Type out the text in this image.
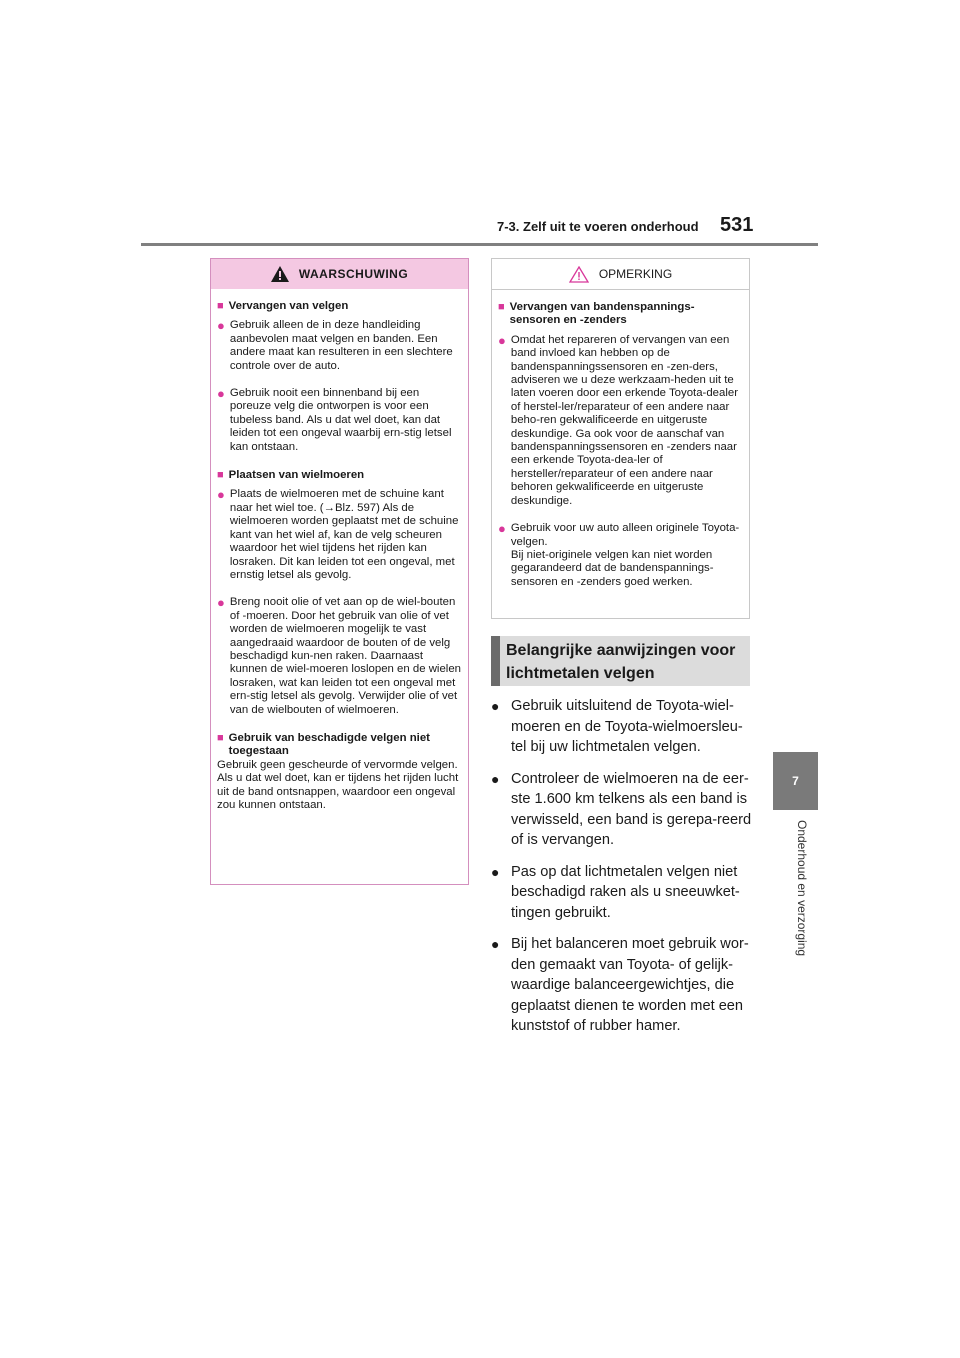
7-3. Zelf uit te voeren onderhoud 531
7
Onderhoud en verzorging
WAARSCHUWING
■ Vervangen van velgen
● Gebruik alleen de in deze handleiding aanbevolen maat velgen en banden. Een andere maat kan resulteren in een slechtere controle over de auto.
● Gebruik nooit een binnenband bij een poreuze velg die ontworpen is voor een tubeless band. Als u dat wel doet, kan dat leiden tot een ongeval waarbij ern-stig letsel kan ontstaan.
■ Plaatsen van wielmoeren
● Plaats de wielmoeren met de schuine kant naar het wiel toe. (→Blz. 597) Als de wielmoeren worden geplaatst met de schuine kant van het wiel af, kan de velg scheuren waardoor het wiel tijdens het rijden kan losraken. Dit kan leiden tot een ongeval, met ernstig letsel als gevolg.
● Breng nooit olie of vet aan op de wiel-bouten of -moeren. Door het gebruik van olie of vet worden de wielmoeren mogelijk te vast aangedraaid waardoor de bouten of de velg beschadigd kun-nen raken. Daarnaast kunnen de wiel-moeren loslopen en de wielen losraken, wat kan leiden tot een ongeval met ern-stig letsel als gevolg. Verwijder olie of vet van de wielbouten of wielmoeren.
■ Gebruik van beschadigde velgen niet toegestaan

Gebruik geen gescheurde of vervormde velgen.

Als u dat wel doet, kan er tijdens het rijden lucht uit de band ontsnappen, waardoor een ongeval zou kunnen ontstaan.

OPMERKING
■ Vervangen van bandenspannings-sensoren en -zenders
● Omdat het repareren of vervangen van een band invloed kan hebben op de bandenspanningssensoren en -zen-ders, adviseren we u deze werkzaam-heden uit te laten voeren door een erkende Toyota-dealer of herstel-ler/reparateur of een andere naar beho-ren gekwalificeerde en uitgeruste deskundige. Ga ook voor de aanschaf van bandenspanningssensoren en -zenders naar een erkende Toyota-dea-ler of hersteller/reparateur of een andere naar behoren gekwalificeerde en uitgeruste deskundige.
● Gebruik voor uw auto alleen originele Toyota-velgen.
Bij niet-originele velgen kan niet worden gegarandeerd dat de bandenspannings-sensoren en -zenders goed werken.
Belangrijke aanwijzingen voor lichtmetalen velgen
● Gebruik uitsluitend de Toyota-wiel-moeren en de Toyota-wielmoersleu-tel bij uw lichtmetalen velgen.
● Controleer de wielmoeren na de eer-ste 1.600 km telkens als een band is verwisseld, een band is gerepa-reerd of is vervangen.
● Pas op dat lichtmetalen velgen niet beschadigd raken als u sneeuwket-tingen gebruikt.
● Bij het balanceren moet gebruik wor-den gemaakt van Toyota- of gelijk-waardige balanceergewichtjes, die geplaatst dienen te worden met een kunststof of rubber hamer.
